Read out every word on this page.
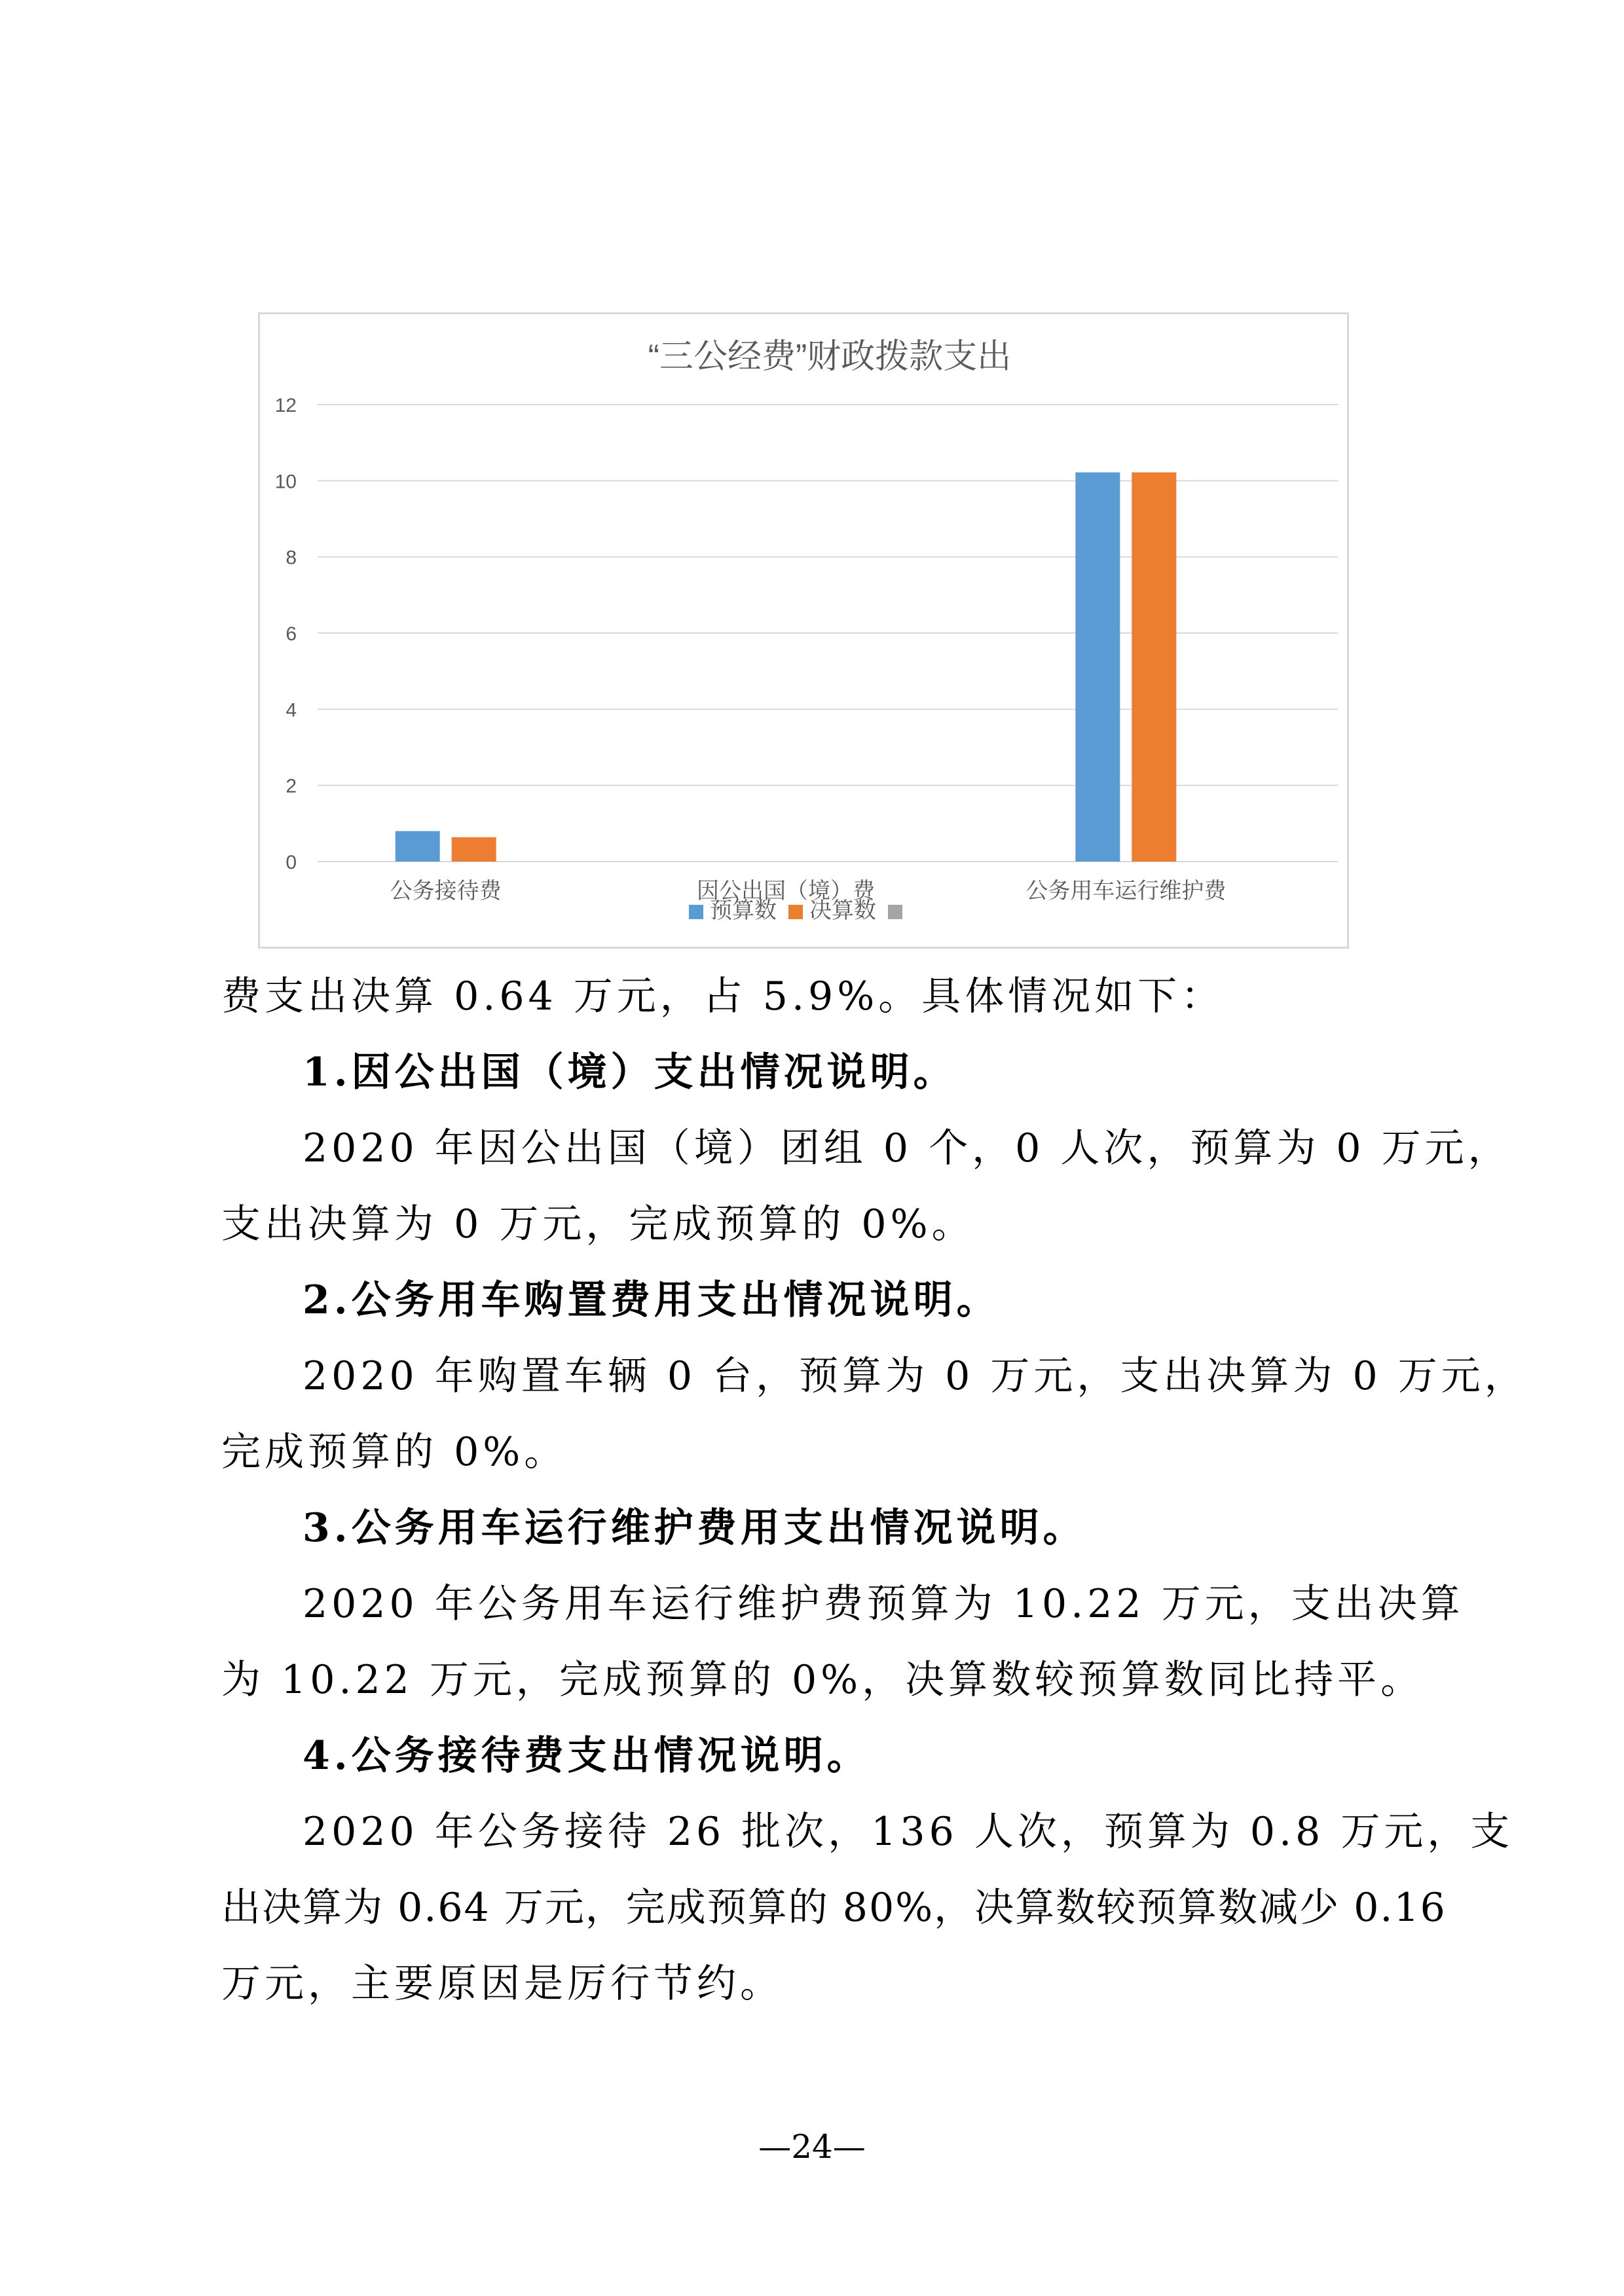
“三公经费”财政拨款支出
0
2
4
6
8
10
12
公务接待费	因公出国（境）费	公务用车运行维护费
预算数 决算数
费支出决算 0.64 万元，占 5.9%。具体情况如下：
1.因公出国（境）支出情况说明。
2020 年因公出国（境）团组 0 个，0 人次，预算为 0 万元，
支出决算为 0 万元，完成预算的 0%。
2.公务用车购置费用支出情况说明。
2020 年购置车辆 0 台，预算为 0 万元，支出决算为 0 万元，
完成预算的 0%。
3.公务用车运行维护费用支出情况说明。
2020 年公务用车运行维护费预算为 10.22 万元，支出决算
为 10.22 万元，完成预算的 0%，决算数较预算数同比持平。
4.公务接待费支出情况说明。
2020 年公务接待 26 批次，136 人次，预算为 0.8 万元，支
出决算为 0.64 万元，完成预算的 80%，决算数较预算数减少 0.16
万元，主要原因是厉行节约。
—24—
